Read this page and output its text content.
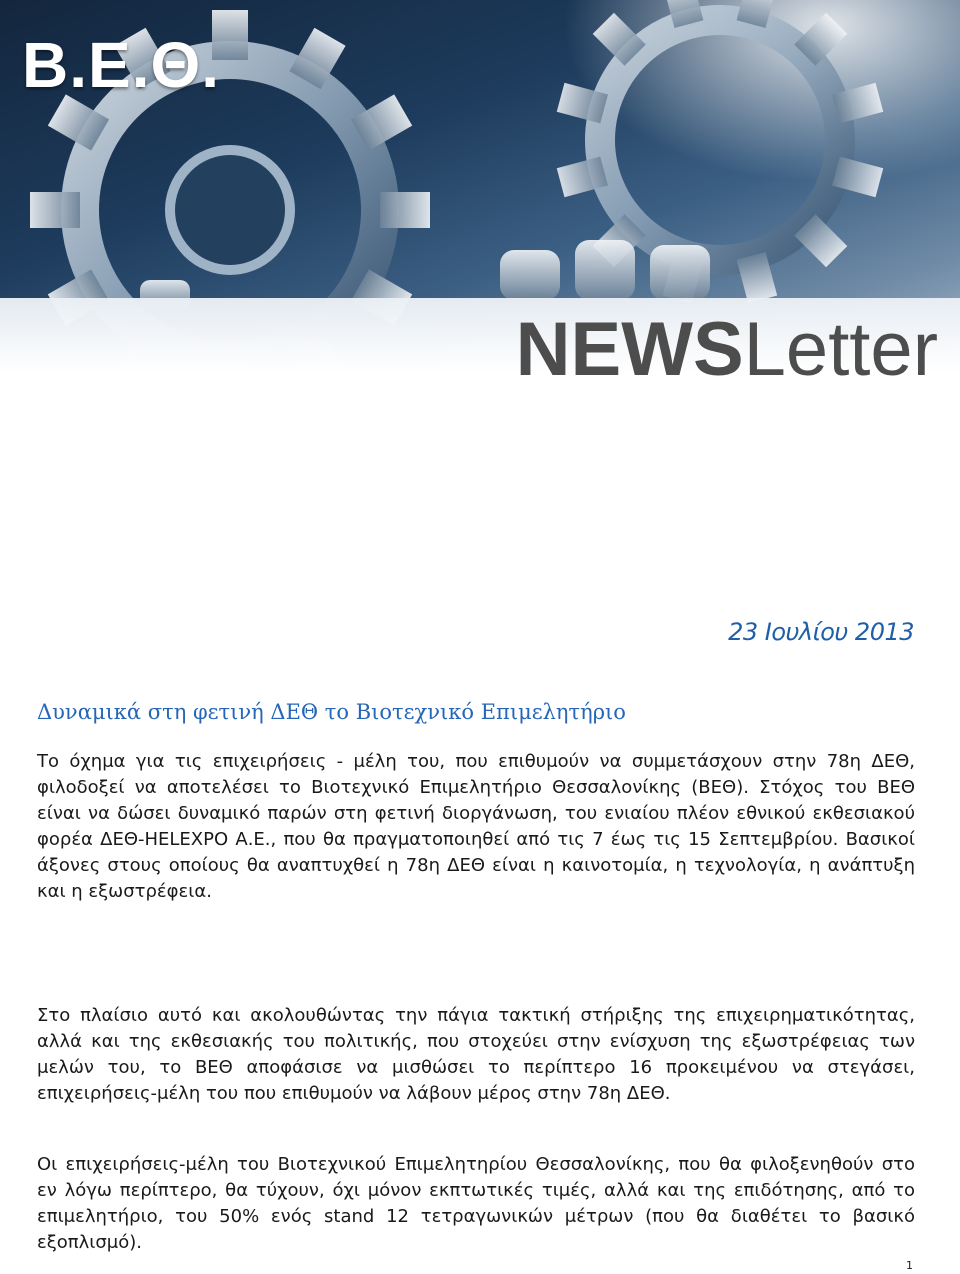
Β.Ε.Θ.
NEWSLetter
23 Ιουλίου 2013
Δυναμικά στη φετινή ΔΕΘ το Βιοτεχνικό Επιμελητήριο
Το όχημα για τις επιχειρήσεις - μέλη του, που επιθυμούν να συμμετάσχουν στην 78η ΔΕΘ, φιλοδοξεί να αποτελέσει το Βιοτεχνικό Επιμελητήριο Θεσσαλονίκης (ΒΕΘ). Στόχος του ΒΕΘ είναι να δώσει δυναμικό παρών στη φετινή διοργάνωση, του ενιαίου πλέον εθνικού εκθεσιακού φορέα ΔΕΘ-HELEXPO Α.Ε., που θα πραγματοποιηθεί από τις 7 έως τις 15 Σεπτεμβρίου. Βασικοί άξονες στους οποίους θα αναπτυχθεί η 78η ΔΕΘ είναι η καινοτομία, η τεχνολογία, η ανάπτυξη και η εξωστρέφεια.
Στο πλαίσιο αυτό και ακολουθώντας την πάγια τακτική στήριξης της επιχειρηματικότητας, αλλά και της εκθεσιακής του πολιτικής, που στοχεύει στην ενίσχυση της εξωστρέφειας των μελών του, το ΒΕΘ αποφάσισε να μισθώσει το περίπτερο 16 προκειμένου να στεγάσει, επιχειρήσεις-μέλη του που επιθυμούν να λάβουν μέρος στην 78η ΔΕΘ.
Οι επιχειρήσεις-μέλη του Βιοτεχνικού Επιμελητηρίου Θεσσαλονίκης, που θα φιλοξενηθούν στο εν λόγω περίπτερο, θα τύχουν, όχι μόνον εκπτωτικές τιμές, αλλά και της επιδότησης, από το επιμελητήριο, του 50% ενός stand 12 τετραγωνικών μέτρων (που θα διαθέτει το βασικό εξοπλισμό).
1
